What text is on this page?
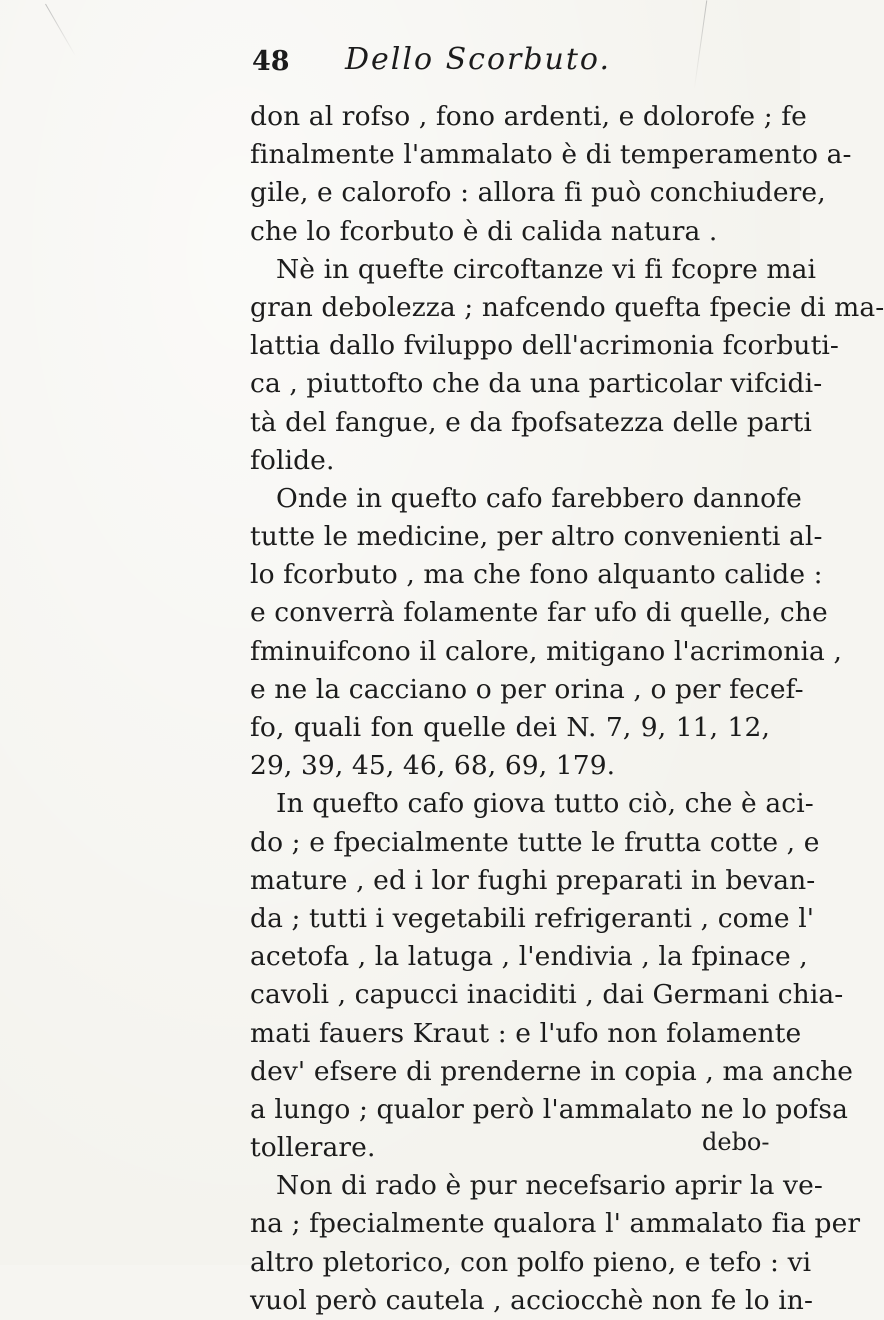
48 Dello Scorbuto.
don al rofso , fono ardenti, e dolorofe ; fe
finalmente l'ammalato è di temperamento a-
gile, e calorofo : allora fi può conchiudere,
che lo fcorbuto è di calida natura .
Nè in quefte circoftanze vi fi fcopre mai
gran debolezza ; nafcendo quefta fpecie di ma-
lattia dallo fviluppo dell'acrimonia fcorbuti-
ca , piuttofto che da una particolar vifcidi-
tà del fangue, e da fpofsatezza delle parti
folide.
Onde in quefto cafo farebbero dannofe
tutte le medicine, per altro convenienti al-
lo fcorbuto , ma che fono alquanto calide :
e converrà folamente far ufo di quelle, che
fminuifcono il calore, mitigano l'acrimonia ,
e ne la cacciano o per orina , o per fecef-
fo, quali fon quelle dei N. 7, 9, 11, 12,
29, 39, 45, 46, 68, 69, 179.
In quefto cafo giova tutto ciò, che è aci-
do ; e fpecialmente tutte le frutta cotte , e
mature , ed i lor fughi preparati in bevan-
da ; tutti i vegetabili refrigeranti , come l'
acetofa , la latuga , l'endivia , la fpinace ,
cavoli , capucci inaciditi , dai Germani chia-
mati fauers Kraut : e l'ufo non folamente
dev' efsere di prenderne in copia , ma anche
a lungo ; qualor però l'ammalato ne lo pofsa
tollerare.
Non di rado è pur necefsario aprir la ve-
na ; fpecialmente qualora l' ammalato fia per
altro pletorico, con polfo pieno, e tefo : vi
vuol però cautela , acciocchè non fe lo in-
debo-
